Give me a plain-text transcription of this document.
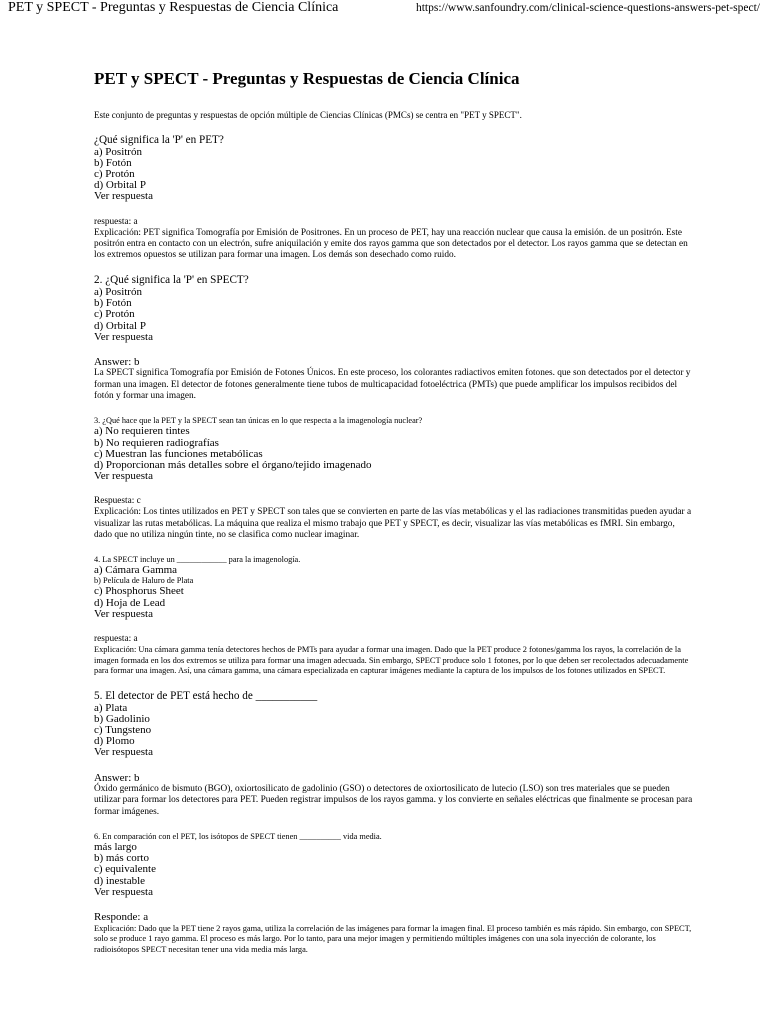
PET y SPECT - Preguntas y Respuestas de Ciencia Clínica	https://www.sanfoundry.com/clinical-science-questions-answers-pet-spect/
PET y SPECT - Preguntas y Respuestas de Ciencia Clínica

Este conjunto de preguntas y respuestas de opción múltiple de Ciencias Clínicas (PMCs) se centra en "PET y SPECT".

¿Qué significa la 'P' en PET?

a) Positrón

b) Fotón

c) Protón

d) Orbital P

Ver respuesta

respuesta: a

Explicación: PET significa Tomografía por Emisión de Positrones. En un proceso de PET, hay una reacción nuclear que causa la emisión. de un positrón. Este positrón entra en contacto con un electrón, sufre aniquilación y emite dos rayos gamma que son detectados por el detector. Los rayos gamma que se detectan en los extremos opuestos se utilizan para formar una imagen. Los demás son desechado como ruido.

2. ¿Qué significa la 'P' en SPECT?

a) Positrón

b) Fotón

c) Protón

d) Orbital P

Ver respuesta

Answer: b

La SPECT significa Tomografía por Emisión de Fotones Únicos. En este proceso, los colorantes radiactivos emiten fotones. que son detectados por el detector y forman una imagen. El detector de fotones generalmente tiene tubos de multicapacidad fotoeléctrica (PMTs) que puede amplificar los impulsos recibidos del fotón y formar una imagen.

3. ¿Qué hace que la PET y la SPECT sean tan únicas en lo que respecta a la imagenología nuclear?

a) No requieren tintes

b) No requieren radiografías

c) Muestran las funciones metabólicas

d) Proporcionan más detalles sobre el órgano/tejido imagenado

Ver respuesta

Respuesta: c

Explicación: Los tintes utilizados en PET y SPECT son tales que se convierten en parte de las vías metabólicas y el las radiaciones transmitidas pueden ayudar a visualizar las rutas metabólicas. La máquina que realiza el mismo trabajo que PET y SPECT, es decir, visualizar las vías metabólicas es fMRI. Sin embargo, dado que no utiliza ningún tinte, no se clasifica como nuclear imaginar.

4. La SPECT incluye un ____________ para la imagenología.

a) Cámara Gamma

b) Película de Haluro de Plata

c) Phosphorus Sheet

d) Hoja de Lead

Ver respuesta

respuesta: a

Explicación: Una cámara gamma tenía detectores hechos de PMTs para ayudar a formar una imagen. Dado que la PET produce 2 fotones/gamma los rayos, la correlación de la imagen formada en los dos extremos se utiliza para formar una imagen adecuada. Sin embargo, SPECT produce solo 1 fotones, por lo que deben ser recolectados adecuadamente para formar una imagen. Así, una cámara gamma, una cámara especializada en capturar imágenes mediante la captura de los impulsos de los fotones utilizados en SPECT.

5. El detector de PET está hecho de ___________

a) Plata

b) Gadolinio

c) Tungsteno

d) Plomo

Ver respuesta

Answer: b

Óxido germánico de bismuto (BGO), oxiortosilicato de gadolinio (GSO) o detectores de oxiortosilicato de lutecio (LSO) son tres materiales que se pueden utilizar para formar los detectores para PET. Pueden registrar impulsos de los rayos gamma. y los convierte en señales eléctricas que finalmente se procesan para formar imágenes.

6. En comparación con el PET, los isótopos de SPECT tienen __________ vida media.

más largo

b) más corto

c) equivalente

d) inestable

Ver respuesta

Responde: a

Explicación: Dado que la PET tiene 2 rayos gama, utiliza la correlación de las imágenes para formar la imagen final. El proceso también es más rápido. Sin embargo, con SPECT, solo se produce 1 rayo gamma. El proceso es más largo. Por lo tanto, para una mejor imagen y permitiendo múltiples imágenes con una sola inyección de colorante, los radioisótopos SPECT necesitan tener una vida media más larga.
